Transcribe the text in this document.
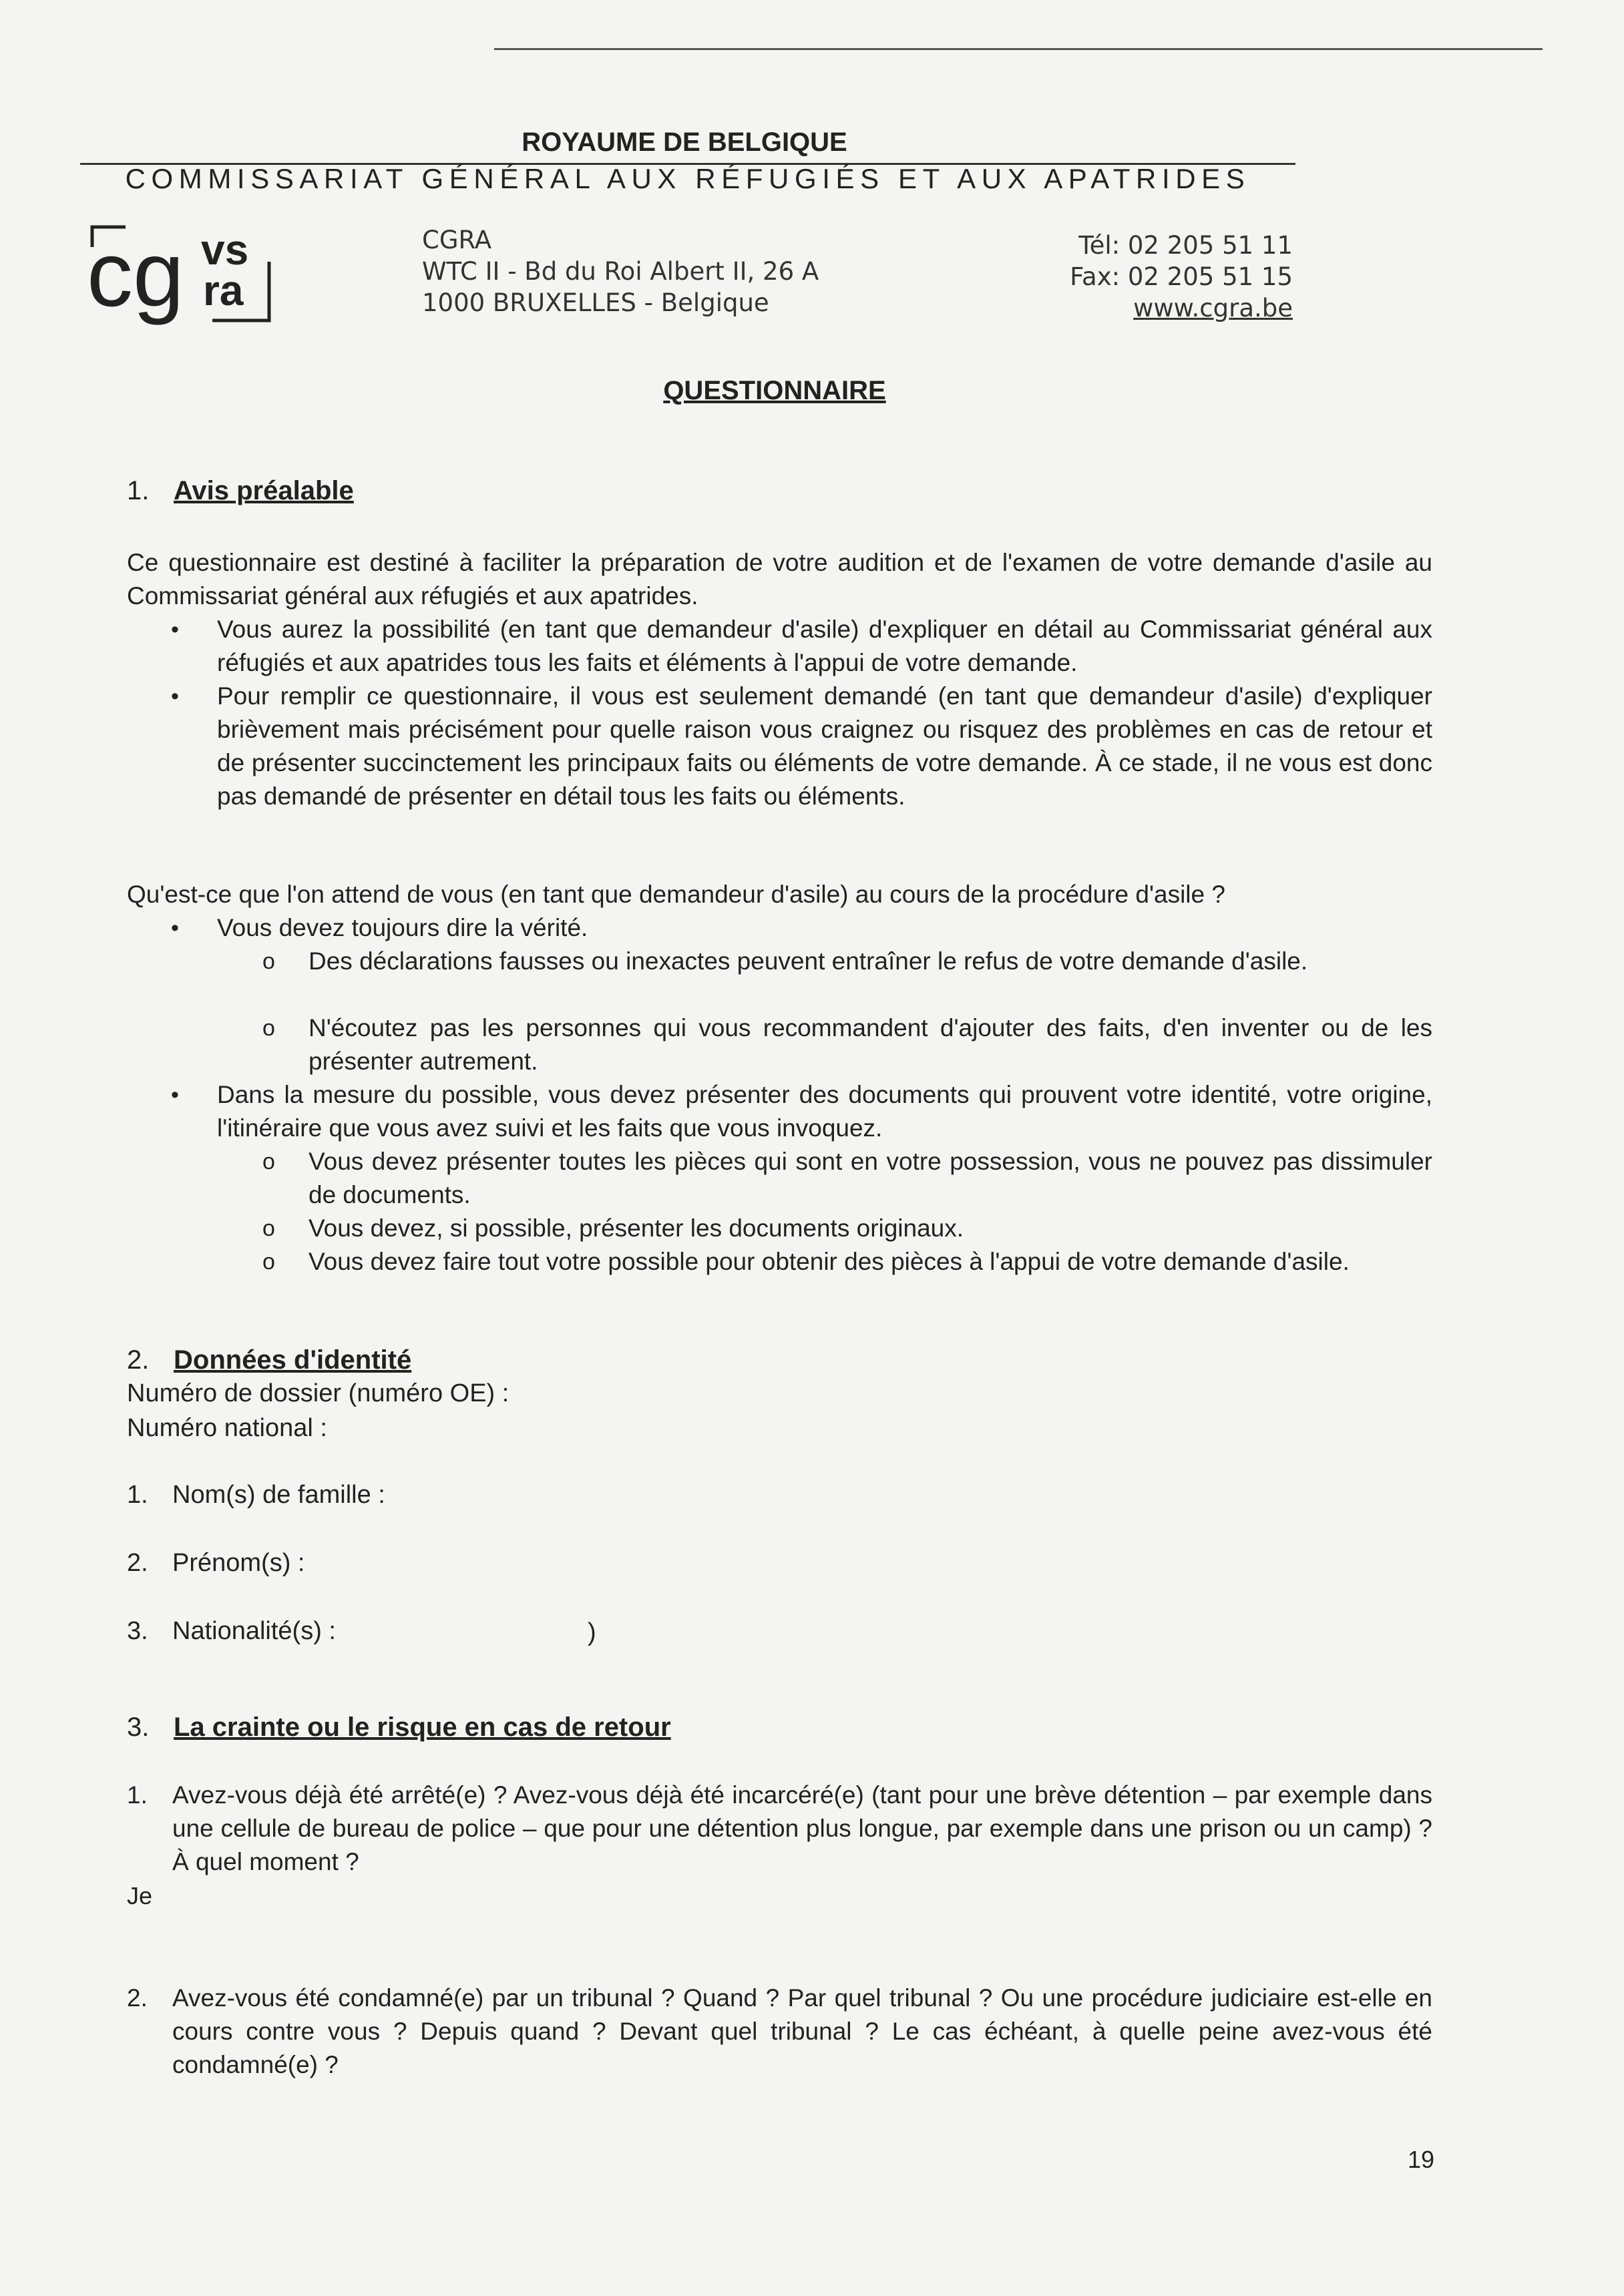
ROYAUME DE BELGIQUE
COMMISSARIAT GÉNÉRAL AUX RÉFUGIÉS ET AUX APATRIDES
cg vs
ra
CGRA
WTC II - Bd du Roi Albert II, 26 A
1000 BRUXELLES - Belgique
Tél: 02 205 51 11
Fax: 02 205 51 15
www.cgra.be
QUESTIONNAIRE
1. Avis préalable
Ce questionnaire est destiné à faciliter la préparation de votre audition et de l'examen de votre demande d'asile au Commissariat général aux réfugiés et aux apatrides.
• Vous aurez la possibilité (en tant que demandeur d'asile) d'expliquer en détail au Commissariat général aux réfugiés et aux apatrides tous les faits et éléments à l'appui de votre demande.
• Pour remplir ce questionnaire, il vous est seulement demandé (en tant que demandeur d'asile) d'expliquer brièvement mais précisément pour quelle raison vous craignez ou risquez des problèmes en cas de retour et de présenter succinctement les principaux faits ou éléments de votre demande. À ce stade, il ne vous est donc pas demandé de présenter en détail tous les faits ou éléments.
Qu'est-ce que l'on attend de vous (en tant que demandeur d'asile) au cours de la procédure d'asile ?
• Vous devez toujours dire la vérité.
o Des déclarations fausses ou inexactes peuvent entraîner le refus de votre demande d'asile.
o N'écoutez pas les personnes qui vous recommandent d'ajouter des faits, d'en inventer ou de les présenter autrement.
• Dans la mesure du possible, vous devez présenter des documents qui prouvent votre identité, votre origine, l'itinéraire que vous avez suivi et les faits que vous invoquez.
o Vous devez présenter toutes les pièces qui sont en votre possession, vous ne pouvez pas dissimuler de documents.
o Vous devez, si possible, présenter les documents originaux.
o Vous devez faire tout votre possible pour obtenir des pièces à l'appui de votre demande d'asile.
2. Données d'identité
Numéro de dossier (numéro OE) :
Numéro national :
1. Nom(s) de famille :
2. Prénom(s) :
3. Nationalité(s) :	)
3. La crainte ou le risque en cas de retour
1. Avez-vous déjà été arrêté(e) ? Avez-vous déjà été incarcéré(e) (tant pour une brève détention – par exemple dans une cellule de bureau de police – que pour une détention plus longue, par exemple dans une prison ou un camp) ? À quel moment ?
Je
2. Avez-vous été condamné(e) par un tribunal ? Quand ? Par quel tribunal ? Ou une procédure judiciaire est-elle en cours contre vous ? Depuis quand ? Devant quel tribunal ? Le cas échéant, à quelle peine avez-vous été condamné(e) ?
19
